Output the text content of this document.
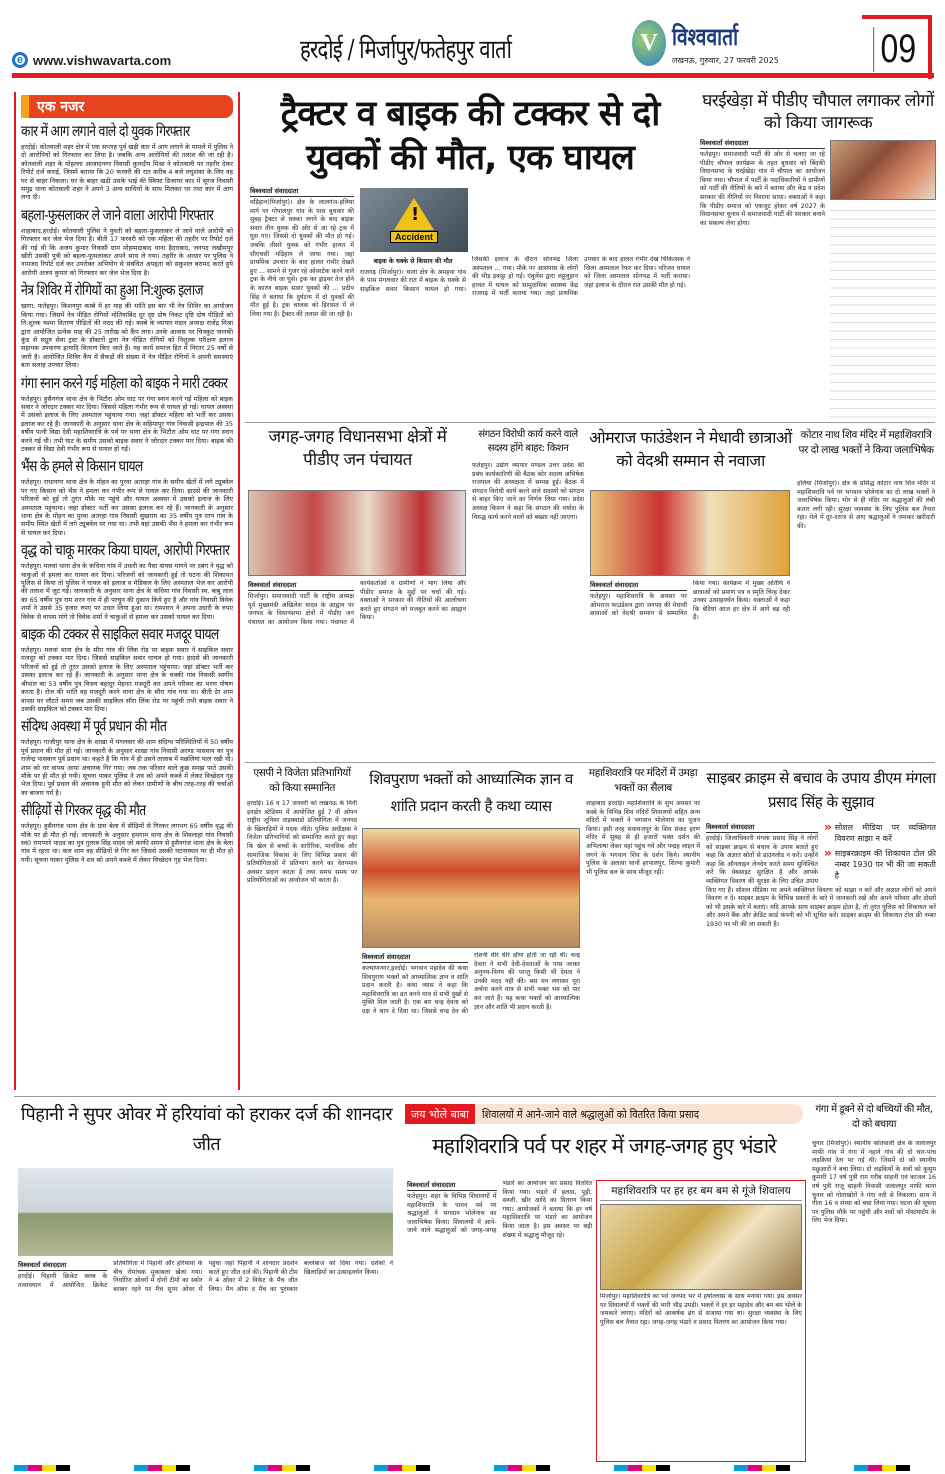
e www.vishwavarta.com	हरदोई / मिर्जापुर/फतेहपुर वार्ता	V विश्ववार्ता
लखनऊ, गुरुवार, 27 फरवरी 2025	09
एक नजर
कार में आग लगाने वाले दो युवक गिरफ्तार
हरदोई। कोतवाली शहर क्षेत्र में एक सप्ताह पूर्व खड़ी कार में आग लगाने के मामले में पुलिस ने दो आरोपियों को गिरफ्तार कर लिया है। जबकि अन्य आरोपियों की तलाश की जा रही है। कोतवाली शहर के मोहल्ला आजादनगर निवासी कुलदीप मिश्रा ने कोतवाली पर तहरीर देकर रिपोर्ट दर्ज कराई, जिसमें बताया कि 20 फरवरी की रात करीब 4 बजे लघुशंका के लिए वह घर से बाहर निकला। घर के बाहर खड़ी उसके भाई की स्विफ्ट डिजायर कार में सूरज निवासी समुद्र थाना कोतवाली शहर ने अपने 3 अन्य साथियों के साथ मिलकर घर तथा कार में आग लगा दी।
बहला-फुसलाकर ले जाने वाला आरोपी गिरफ्तार
शाहाबाद,हरदोई। कोतवाली पुलिस ने युवती को बहला-फुसलाकर ले जाने वाले आरोपी को गिरफ्तार कर जेल भेज दिया है। बीती 17 फरवरी को एक महिला की तहरीर पर रिपोर्ट दर्ज की गई थी कि अजय कुमार निवासी ग्राम मोहम्मदाबाद थाना हैदराबाद, जनपद लखीमपुर खीरी उसकी पुत्री को बहला-फुसलाकर अपने साथ ले गया। तहरीर के आधार पर पुलिस ने नामजद रिपोर्ट दर्ज कर उपरोक्त अभियोग से संबंधित अपहृता को सकुशल बरामद करते हुये आरोपी अजय कुमार को गिरफ्तार कर जेल भेज दिया है।
नेत्र शिविर में रोगियों का हुआ नि:शुल्क इलाज
खागा, फतेहपुर। किशनपुर कस्बे में हर माह की भांति इस बार भी नेत्र शिविर का आयोजन किया गया। जिसमें नेत्र पीड़ित रोगियों मोतियाबिंद दूर दृष्ट दोष निकट दृष्टि दोष पीड़ितों को नि:शुल्क चश्मा वितरण पीड़ितों की मदद की गई। कस्बे के व्यापार मंडल अध्यक्ष राजेंद्र मिश्रा द्वारा आयोजित प्रत्येक माह की 25 तारीख को कैंप लगा। उनके आवास पर चित्रकूट जानकी कुंड से सद्गुरु सेवा ट्रस्ट के डॉक्टरों द्वारा नेत्र पीड़ित रोगियों को निशुल्क परीक्षण इलाज सहायक उपकरण इत्यादि वितरण किए जाते हैं। यह कार्य समाज हित में निरंतर 25 वर्षों से जारी है। आयोजित शिविर कैंप में सैकड़ों की संख्या में नेत्र पीड़ित रोगियों ने अपनी समस्याएं बता सलाह उपचार लिया।
गंगा स्नान करने गई महिला को बाइक ने मारी टक्कर
फतेहपुर। हुसैनगंज थाना क्षेत्र के भिटौरा ओम घाट पर गंगा स्नान करने गई महिला को बाइक सवार ने जोरदार टक्कर मार दिया। जिससे महिला गंभीर रूप से घायल हो गई। घायल अवस्था में उसको इलाज के लिए अस्पताल पहुंचाया गया। जहां डॉक्टर महिला को भर्ती कर उसका इलाज कर रहे हैं। जानकारी के अनुसार थाना क्षेत्र के सहिमापुर गांव निवासी इन्द्रपाल की 35 वर्षीय पत्नी विद्या देवी महाशिवरात्रि के पर्व पर थाना क्षेत्र के भिटौरा ओम घाट पर गंगा स्नान करने गई थी। तभी घाट के समीप उसको बाइक सवार ने जोरदार टक्कर मार दिया। बाइक की टक्कर से विद्या देवी गंभीर रूप से घायल हो गई।
भैंस के हमले से किसान घायल
फतेहपुर। राधानगर थाना क्षेत्र के मोहन का पुरवा अतरहा गांव के समीप खेतों में लगे ट्यूबवेल पर गए किसान को भैंस ने हमला कर गंभीर रूप से घायल कर दिया। हादसे की जानकारी परिजनों को हुई तो तुरंत मौके पर पहुंचे और घायल अवस्था में उसको इलाज के लिए अस्पताल पहुंचाया। जहां डॉक्टर भर्ती कर उसका इलाज कर रहे हैं। जानकारी के अनुसार थाना क्षेत्र के मोहन का पुरवा अतरहा गांव निवासी सुखराम का 35 वर्षीय पुत्र रतन गांव के समीप स्थित खेतों में लगे ट्यूबवेल पर गया था। तभी वहां उसकी भैंस ने हमला कर गंभीर रूप से घायल कर दिया।
वृद्ध को चाकू मारकर किया घायल, आरोपी गिरफ्तार
फतेहपुर। मलवां थाना क्षेत्र के कंधिया गांव में उधारी का पैसा वापस मांगने पर दबंग ने वृद्ध को चाकुओं से हमला कर घायल कर दिया। परिजनों को जानकारी हुई तो घटना की शिकायत पुलिस से किया तो पुलिस ने घायल को इलाज व मेडिकल के लिए अस्पताल भेज कर आरोपी की तलाश में जुट गई। जानकारी के अनुसार थाना क्षेत्र के कंधिया गांव निवासी स्व. बाबू लाल का 65 वर्षीय पुत्र राम शरन गांव में ही परचून की दुकान किये हुए है और गांव निवासी विवेक शर्मा ने उससे 35 हजार रुपए पर उधार लिया हुआ था। रामशरन ने अपना उधारी के रुपए विवेक से वापस मांगे तो विवेक शर्मा ने चाकुओं से हमला कर उसको घायल कर दिया।
बाइक की टक्कर से साइकिल सवार मजदूर घायल
फतेहपुर। मलवां थाना क्षेत्र के सौरा गांव की लिंक रोड पर बाइक सवार ने साइकिल सवार मजदूर को टक्कर मार दिया। जिससे साइकिल सवार घायल हो गया। हादसे की जानकारी परिजनों को हुई तो तुरंत उसको इलाज के लिए अस्पताल पहुंचाया। जहां डॉक्टर भर्ती कर उसका इलाज कर रहे हैं। जानकारी के अनुसार थाना क्षेत्र के चक्की गांव निवासी स्वर्गीय श्रीपाल का 53 वर्षीय पुत्र विजय बहादुर मेहनत मजदूरी कर अपने परिवार का भरण पोषण करता है। रोज की भांति वह मजदूरी करने थाना क्षेत्र के सौरा गांव गया था। बीती देर शाम वापस घर लौटते समय जब उसकी साइकिल सौरा लिंक रोड पर पहुंची तभी बाइक सवार ने उसकी साइकिल को टक्कर मार दिया।
संदिग्ध अवस्था में पूर्व प्रधान की मौत
फतेहपुर। गाजीपुर थाना क्षेत्र के शाखा में मंगलवार की शाम संदिग्ध परिस्थितियों में 50 वर्षीय पूर्व प्रधान की मौत हो गई। जानकारी के अनुसार शाखा गांव निवासी अरण्ड पासवान का पुत्र राजेन्द्र पासवान पूर्व प्रधान था। कहते है कि गांव में ही उसने तालाब में मछलियां पाल रखी थी। शाम को घर वापस आया अचानक गिर गया। जब तक परिवार वाले कुछ समझ पाते उसकी मौके पर ही मौत हो गयी। सूचना पाकर पुलिस ने शव को अपने कब्जे में लेकर विच्छेदन गृह भेज दिया। पूर्व प्रधान की अचानक हुयी मौत को लेकर ग्रामीणों के बीच तरह-तरह की चर्चाओं का बाजार गर्म है।
सीढ़ियों से गिरकर वृद्ध की मौत
फतेहपुर। हुसैनगंज थाना क्षेत्र के ग्राम बेला में सीढ़ियों से गिरकर लगभग 65 वर्षीय वृद्ध की मौके पर ही मौत हो गई। जानकारी के अनुसार हथगाम थाना क्षेत्र के शिवलाहा गांव निवासी स्व0 रामप्यारे यादव का पुत्र गुलाब सिंह यादव जो काफी समय से हुसैनगंज थाना क्षेत्र के बेला गांव में रहता था। कल शाम वह सीढ़ियों से गिर कर जिससे उसकी घटनास्थल पर ही मौत हो गयी। सूचना पाकर पुलिस ने शव को अपने कब्जे में लेकर विच्छेदन गृह भेज दिया।
ट्रैक्टर व बाइक की टक्कर से दो युवकों की मौत, एक घायल
विश्ववार्ता संवाददाता
मड़िहान(मिर्जापुर)। क्षेत्र के लालगंज-हलिया मार्ग पर गोपालपुर गांव के पास बुधवार की सुबह ट्रैक्टर से धक्का लगने के बाद बाइक सवार तीन युवक की ओर से आ रहे ट्रक में घुस गए। जिससे दो युवकों की मौत हो गई। जबकि तीसरे युवक को गंभीर हालत में सीएचसी मड़िहान ले जाया गया। जहां प्राथमिक उपचार के बाद हालत गंभीर देखते हुए ... सामने से गुजर रहे ओवरटेक करने वाले ट्रक के नीचे जा घुसे। ट्रक का ड्राइवर तेज होने के कारण बाइक सवार युवकों की ... प्रदीप सिंह ने बताया कि दुर्घटना में दो युवकों की मौत हुई है। ट्रक चालक को हिरासत में ले लिया गया है। ट्रैक्टर की तलाश की जा रही है।
!
Accident
बाइक के धक्के से किसान की मौत
राजगढ़ (मिर्जापुर)। थाना क्षेत्र के अमहवा गांव के पास मंगलवार की रात में बाइक के धक्के से साइकिल सवार किसान घायल हो गया। जिसकी इलाज के दौरान सोनभद्र जिला अस्पताल ... गया। मौके पर आसपास के लोगों की भीड़ इकट्ठा हो गई। एंबुलेंस द्वारा लहूलुहान हालत में घायल को सामुदायिक स्वास्थ्य केंद्र राजगढ़ में भर्ती कराया गया। जहां प्राथमिक उपचार के बाद हालत गंभीर देख चिकित्सक ने जिला अस्पताल रेफर कर दिया। परिजन घायल को जिला अस्पताल सोनभद्र में भर्ती कराया। जहां इलाज के दौरान रात उसकी मौत हो गई।
घरईखेड़ा में पीडीए चौपाल लगाकर लोगों को किया जागरूक
विश्ववार्ता संवाददाता
फतेहपुर। समाजवादी पार्टी की ओर से चलाए जा रहे पीडीए चौपाल कार्यक्रम के तहत बुधवार को बिंदकी विधानसभा के घरईखेड़ा गांव में चौपाल का आयोजन किया गया। चौपाल में पार्टी के पदाधिकारियों ने ग्रामीणों को पार्टी की नीतियों के बारे में बताया और केंद्र व प्रदेश सरकार की नीतियों पर निशाना साधा। वक्ताओं ने कहा कि पीडीए समाज को एकजुट होकर वर्ष 2027 के विधानसभा चुनाव में समाजवादी पार्टी की सरकार बनाने का संकल्प लेना होगा।
जगह-जगह विधानसभा क्षेत्रों में पीडीए जन पंचायत
विश्ववार्ता संवाददाता
मिर्जापुर। समाजवादी पार्टी के राष्ट्रीय अध्यक्ष पूर्व मुख्यमंत्री अखिलेश यादव के आह्वान पर जनपद के विधानसभा क्षेत्रों में पीडीए जन पंचायत का आयोजन किया गया। पंचायत में कार्यकर्ताओं व ग्रामीणों ने भाग लिया और पीडीए समाज के मुद्दों पर चर्चा की गई। वक्ताओं ने सरकार की नीतियों की आलोचना करते हुए संगठन को मजबूत करने का आह्वान किया।
संगठन विरोधी कार्य करने वाले सदस्य होंगे बाहर: किशन
फतेहपुर। उद्योग व्यापार मण्डल उत्तर प्रदेश की प्रबंध कार्यकारिणी की बैठक कोर सदस्य अभिषेक राजपाल की अध्यक्षता में सम्पन्न हुई। बैठक में संगठन विरोधी कार्य करने वाले सदस्यों को संगठन से बाहर किए जाने का निर्णय लिया गया। प्रदेश अध्यक्ष किशन ने कहा कि संगठन की मर्यादा के विरुद्ध कार्य करने वालों को बख्शा नहीं जाएगा।
ओमराज फाउंडेशन ने मेधावी छात्राओं को वेदश्री सम्मान से नवाजा
विश्ववार्ता संवाददाता
फतेहपुर। महाशिवरात्रि के अवसर पर ओमराज फाउंडेशन द्वारा जनपद की मेधावी छात्राओं को वेदश्री सम्मान से सम्मानित किया गया। कार्यक्रम में मुख्य अतिथि ने छात्राओं को प्रमाण पत्र व स्मृति चिन्ह देकर उनका उत्साहवर्धन किया। वक्ताओं ने कहा कि बेटियां आज हर क्षेत्र में आगे बढ़ रही हैं।
कोटार नाथ शिव मंदिर में महाशिवरात्रि पर दो लाख भक्तों ने किया जलाभिषेक
हलिया (मिर्जापुर)। क्षेत्र के प्रसिद्ध कोटार नाथ शिव मंदिर में महाशिवरात्रि पर्व पर भगवान भोलेनाथ का दो लाख भक्तों ने जलाभिषेक किया। भोर से ही मंदिर पर श्रद्धालुओं की लंबी कतार लगी रही। सुरक्षा व्यवस्था के लिए पुलिस बल तैनात रहा। मेले में दूर-दराज से आए श्रद्धालुओं ने जमकर खरीदारी की।
एसपी ने विजेता प्रतिभागियों को किया सम्मानित
हरदोई। 16 व 17 जनवरी को लखनऊ के मिनी इनडोर स्टेडियम में आयोजित हुई 7 वीं ओपन राष्ट्रीय जूनियर ताइक्वांडो प्रतियोगिता में जनपद के खिलाड़ियों ने पदक जीते। पुलिस अधीक्षक ने विजेता प्रतिभागियों को सम्मानित करते हुए कहा कि खेल से बच्चों के शारीरिक, मानसिक और सामाजिक विकास के लिए विभिन्न प्रकार की प्रतियोगिताओं में प्रतिभाग करने का वेतनमान अवसर प्रदान करता है तथा समय समय पर प्रतियोगिताओं का आयोजन भी करता है।
शिवपुराण भक्तों को आध्यात्मिक ज्ञान व शांति प्रदान करती है कथा व्यास
विश्ववार्ता संवाददाता
कल्याणनगर,हरदोई। भगवान महादेव की कथा शिवपुराण भक्तों को आध्यात्मिक ज्ञान व शांति प्रदान करती है। कथा व्यास ने कहा कि महाशिवरात्रि का व्रत करने मात्र से सभी दुखों से मुक्ति मिल जाती है। एक बार चन्द्र देवता को दक्ष ने श्राप दे दिया था। जिससे चन्द्र देव की रोशनी धीरे धीरे क्षीण होती जा रही थी। चन्द्र देवता ने सभी देवी-देवताओं के पास जाकर अनुनय-विनय की परन्तु किसी भी देवता ने उनकी मदद नहीं की। बस मन लगाकर पूरा अर्चना करने मात्र से सभी भक्त भव को पार कर जाते हैं। यह कथा भक्तों को आध्यात्मिक ज्ञान और शांति भी प्रदान करती है।
महाशिवरात्रि पर मंदिरों में उमड़ा भक्तों का सैलाब
शाहाबाद हरदोई। महाशिवरात्रि के शुभ अवसर पर कस्बे के विभिन्न शिव मंदिरों शिवालयों सहित अन्य मंदिरों में भक्तों ने भगवान भोलेनाथ का पूजन किया। इसी तरह सवायजपुर के शिव संकट हरण मंदिर में सुबह से ही हजारों भक्त दर्शन की अभिलाषा लेकर वहां पहुंच गये और पन्द्रह लाइन में लगने के भगवान शिव के दर्शन किये। स्थानीय पुलिस के अलावा थानों हरपालपुर, शिल्पा कुमारी भी पुलिस बल के साथ मौजूद रहीं।
साइबर क्राइम से बचाव के उपाय डीएम मंगला प्रसाद सिंह के सुझाव
» सोशल मीडिया पर व्यक्तिगत विवरण साझा न करें
» साइबरक्राइम की शिकायत टोल फ्री नम्बर 1930 पर भी की जा सकती है
विश्ववार्ता संवाददाता
हरदोई। जिलाधिकारी मंगला प्रसाद सिंह ने लोगों को साइबर क्राइम से बचाव के उपाय बताते हुए कहा कि अज्ञात स्रोतों से डाउनलोड न करें। उन्होंने कहा कि ऑनलाइन लेनदेन करते समय सुनिश्चित करें कि वेबसाइट सुरक्षित है और आपके व्यक्तिगत विवरण की सुरक्षा के लिए उचित उपाय किए गए हैं। सोशल मीडिया पर अपने व्यक्तिगत विवरण को साझा न करें और अज्ञात लोगों को अपने विवरण न दें। साइबर क्राइम के विभिन्न प्रकारों के बारे में जानकारी रखें और अपने परिवार और दोस्तों को भी इसके बारे में बताएं। यदि आपके साथ साइबर क्राइम होता है, तो तुरंत पुलिस को शिकायत करें और अपने बैंक और क्रेडिट कार्ड कंपनी को भी सूचित करें। साइबर क्राइम की शिकायत टोल फ्री नम्बर 1930 पर भी की जा सकती है।
पिहानी ने सुपर ओवर में हरियांवां को हराकर दर्ज की शानदार जीत
विश्ववार्ता संवाददाता
हरदोई। पिहानी क्रिकेट क्लब के तत्वावधान में आयोजित क्रिकेट प्रतियोगिता में पिहानी और हरियांवां के बीच रोमांचक मुकाबला खेला गया। निर्धारित ओवरों में दोनों टीमों का स्कोर बराबर रहने पर मैच सुपर ओवर में पहुंचा जहां पिहानी ने शानदार प्रदर्शन करते हुए जीत दर्ज की। पिहानी की टीम ने 4 ओवर में 2 विकेट के मैच जीत लिया। मैन ऑफ द मैच का पुरस्कार बल्लेबाज को दिया गया। दर्शकों ने खिलाड़ियों का उत्साहवर्धन किया।
जय भोले बाबा	शिवालयों में आने-जाने वाले श्रद्धालुओं को वितरित किया प्रसाद
महाशिवरात्रि पर्व पर शहर में जगह-जगह हुए भंडारे
विश्ववार्ता संवाददाता
फतेहपुर। शहर के विभिन्न शिवालयों में महाशिवरात्रि के पावन पर्व पर श्रद्धालुओं ने भगवान भोलेनाथ का जलाभिषेक किया। शिवालयों में आने-जाने वाले श्रद्धालुओं को जगह-जगह भंडारे का आयोजन कर प्रसाद वितरित किया गया। भंडारे में हलवा, पूड़ी, सब्जी, खीर आदि का वितरण किया गया। आयोजकों ने बताया कि हर वर्ष महाशिवरात्रि पर भंडारे का आयोजन किया जाता है। इस अवसर पर बड़ी संख्या में श्रद्धालु मौजूद रहे।
महाशिवरात्रि पर हर हर बम बम से गूंजे शिवालय
मिर्जापुर। महाशिवरात्रि का पर्व जनपद भर में हर्षोल्लास के साथ मनाया गया। इस अवसर पर शिवालयों में भक्तों की भारी भीड़ उमड़ी। भक्तों ने हर हर महादेव और बम बम भोले के जयकारे लगाए। मंदिरों को आकर्षक ढंग से सजाया गया था। सुरक्षा व्यवस्था के लिए पुलिस बल तैनात रहा। जगह-जगह भंडारे व प्रसाद वितरण का आयोजन किया गया।
गंगा में डूबने से दो बच्चियों की मौत, दो को बचाया
चुनार (मिर्जापुर)। स्थानीय कोतवाली क्षेत्र के जलालपुर माफी गांव में गंगा में नहाने गांव की दो चार-पांच लड़कियां रेता पर गई थी। जिसमें दो को स्थानीय मछुआरों ने बचा लिया। दो लड़कियों के शवों को कुसुम कुमारी 17 वर्ष पुत्री राम गरीब साहनी एवं काजल 16 वर्ष पुत्री राजू साहनी निवासी जलालपुर माफी थाना चुनार को गोताखोरों ने गंगा नदी से निकाला। साथ में गीता 16 व संध्या को बचा लिया गया। घटना की सूचना पर पुलिस मौके पर पहुंची और शवों को पोस्टमार्टम के लिए भेज दिया।
